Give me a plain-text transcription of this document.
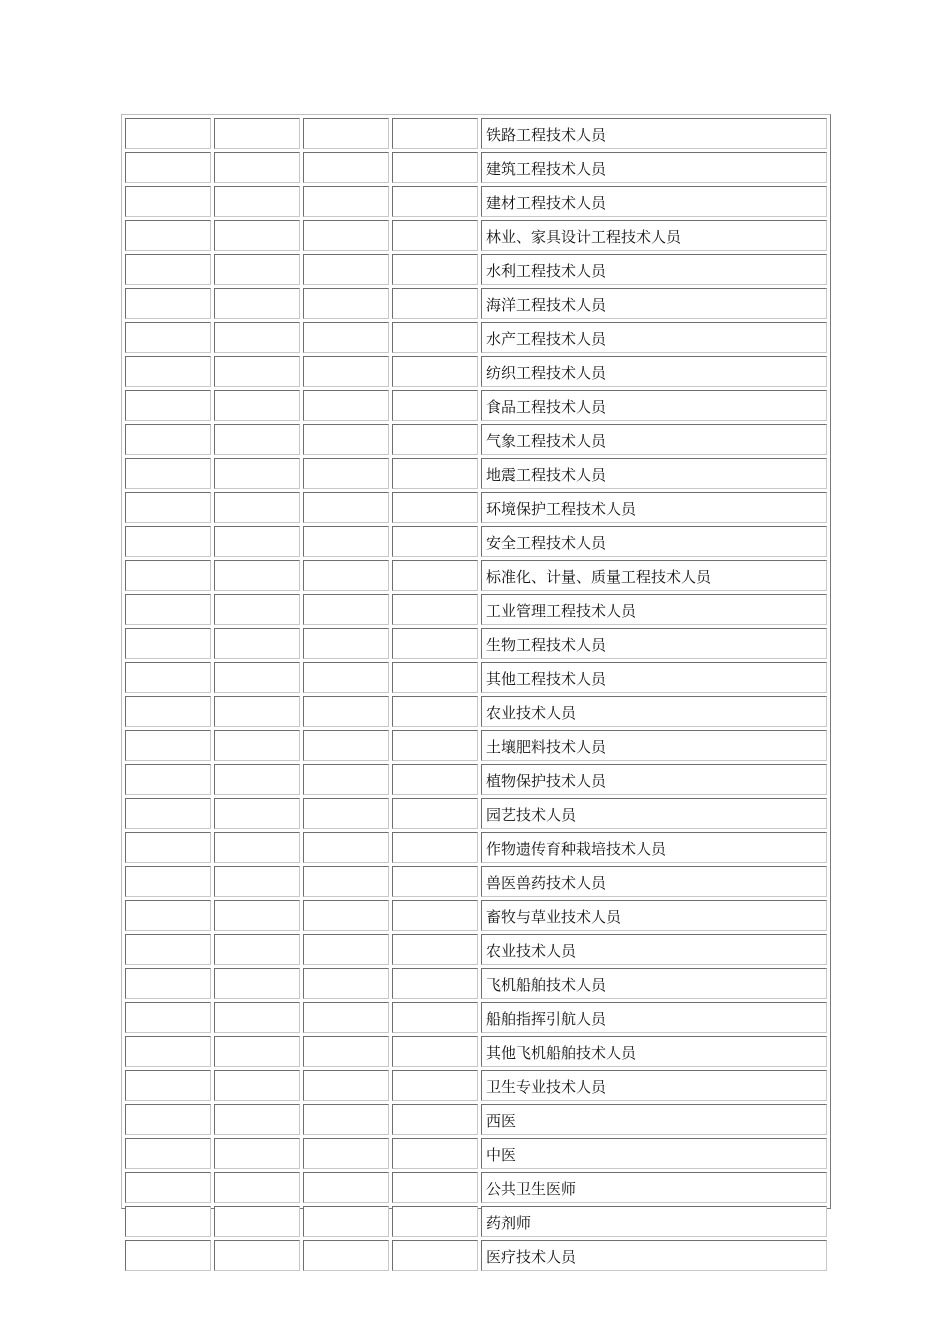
				铁路工程技术人员
				建筑工程技术人员
				建材工程技术人员
				林业、家具设计工程技术人员
				水利工程技术人员
				海洋工程技术人员
				水产工程技术人员
				纺织工程技术人员
				食品工程技术人员
				气象工程技术人员
				地震工程技术人员
				环境保护工程技术人员
				安全工程技术人员
				标准化、计量、质量工程技术人员
				工业管理工程技术人员
				生物工程技术人员
				其他工程技术人员
				农业技术人员
				土壤肥料技术人员
				植物保护技术人员
				园艺技术人员
				作物遗传育种栽培技术人员
				兽医兽药技术人员
				畜牧与草业技术人员
				农业技术人员
				飞机船舶技术人员
				船舶指挥引航人员
				其他飞机船舶技术人员
				卫生专业技术人员
				西医
				中医
				公共卫生医师
				药剂师
				医疗技术人员
